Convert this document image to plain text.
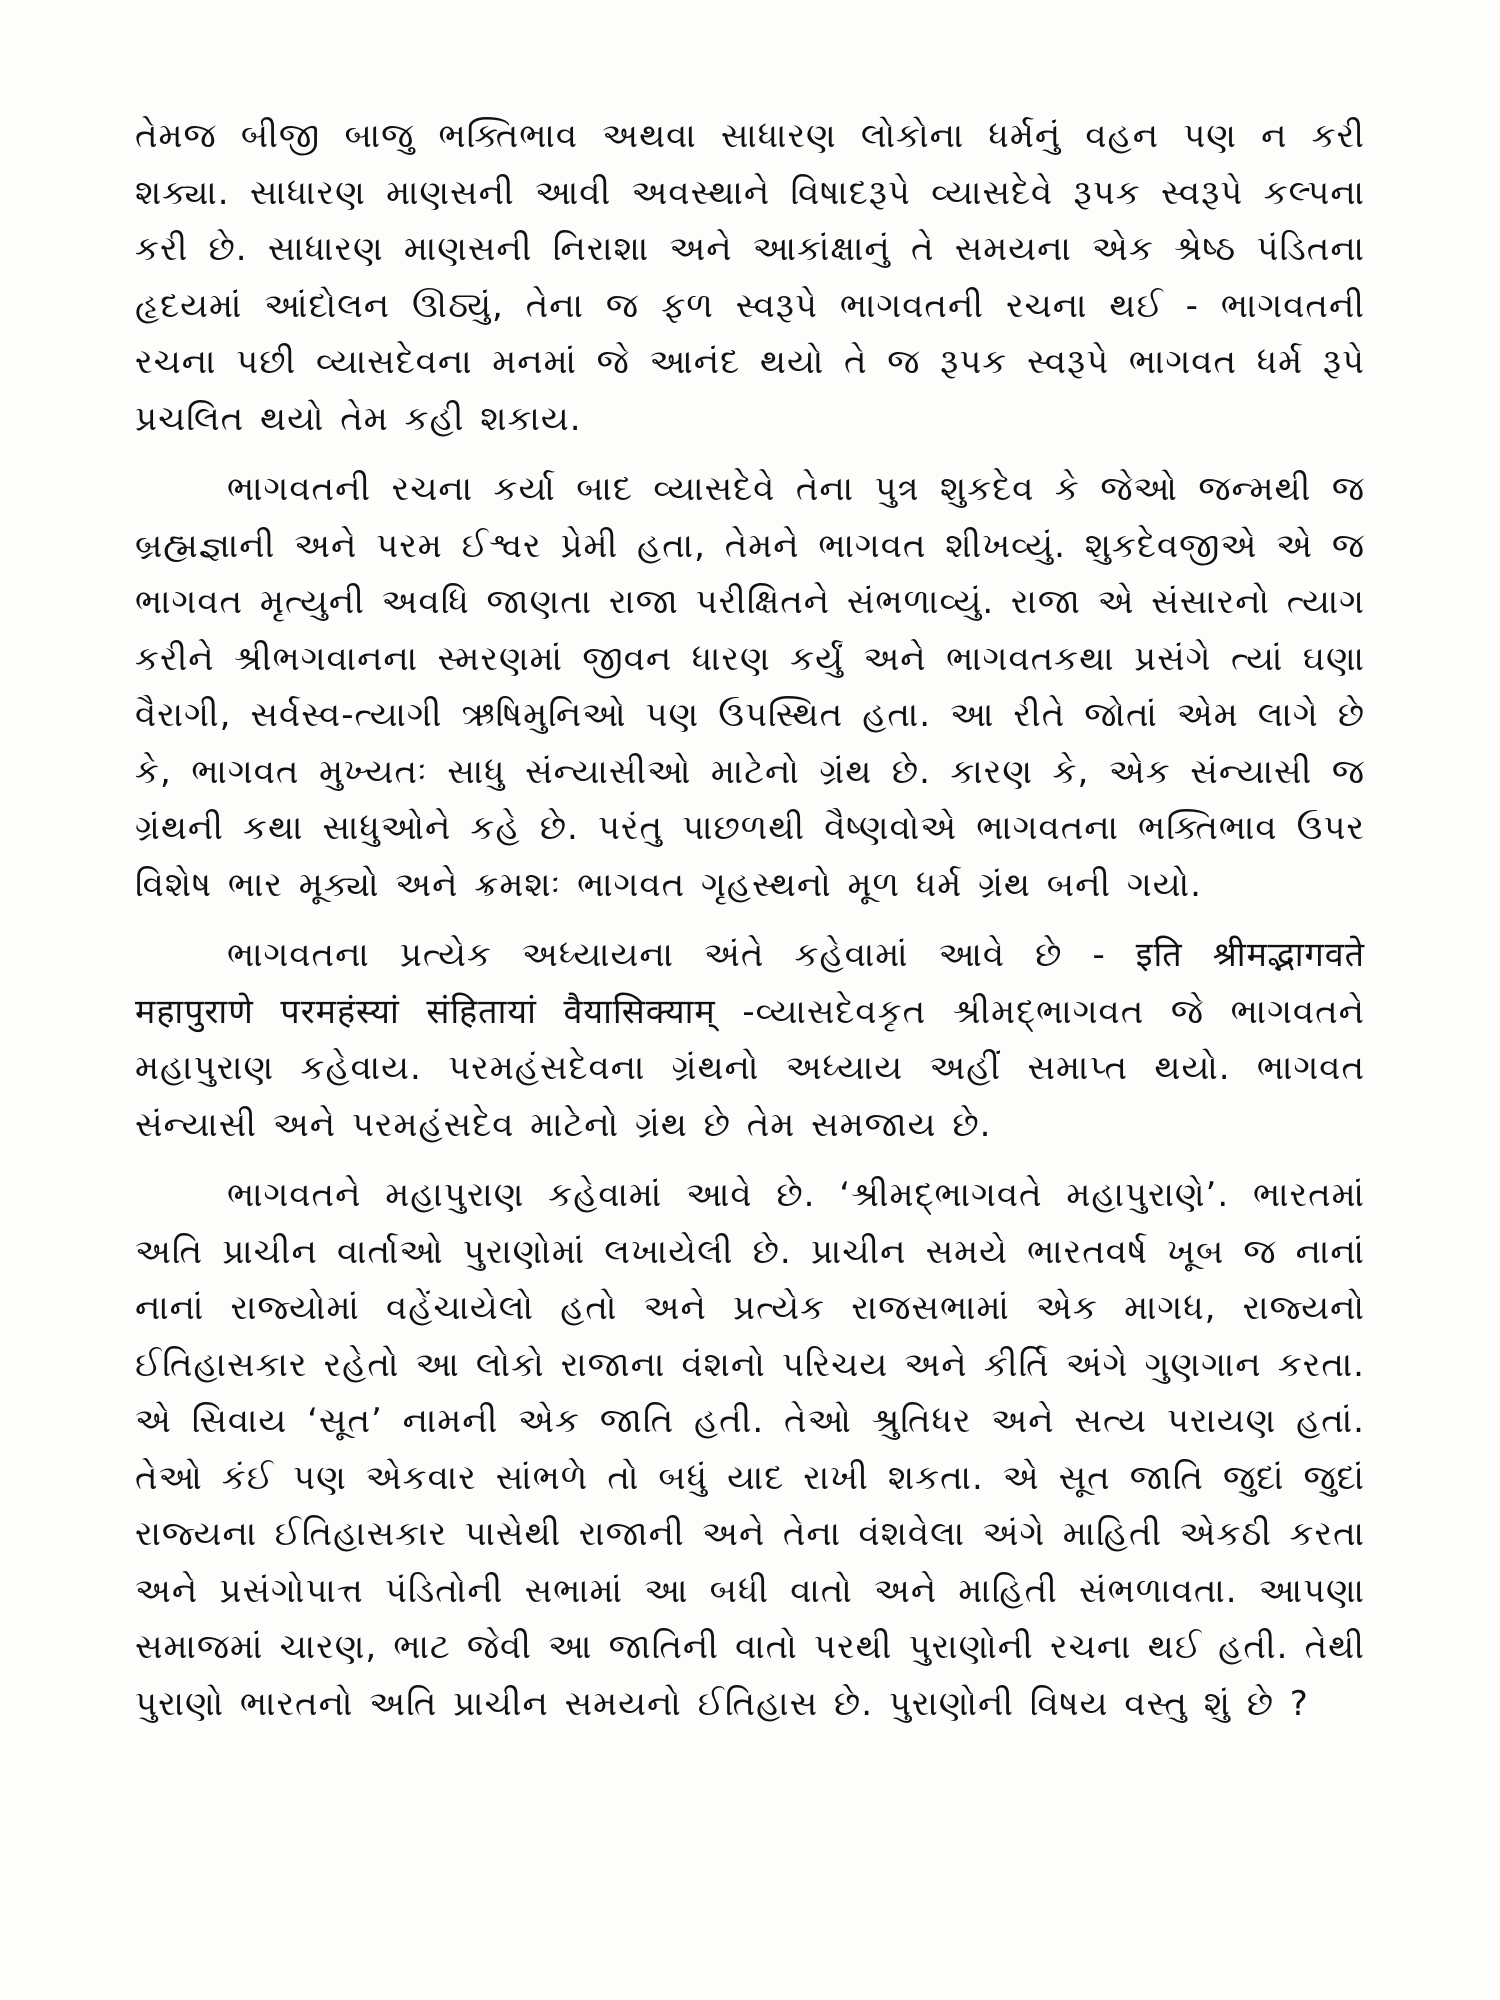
તેમજ બીજી બાજુ ભક્તિભાવ અથવા સાધારણ લોકોના ધર્મનું વહન પણ ન કરી શક્યા. સાધારણ માણસની આવી અવસ્થાને વિષાદરૂપે વ્યાસદેવે રૂપક સ્વરૂપે કલ્પના કરી છે. સાધારણ માણસની નિરાશા અને આકાંક્ષાનું તે સમયના એક શ્રેષ્ઠ પંડિતના હૃદયમાં આંદોલન ઊઠ્યું, તેના જ ફળ સ્વરૂપે ભાગવતની રચના થઈ - ભાગવતની રચના પછી વ્યાસદેવના મનમાં જે આનંદ થયો તે જ રૂપક સ્વરૂપે ભાગવત ધર્મ રૂપે પ્રચલિત થયો તેમ કહી શકાય.

ભાગવતની રચના કર્યા બાદ વ્યાસદેવે તેના પુત્ર શુકદેવ કે જેઓ જન્મથી જ બ્રહ્મજ્ઞાની અને પરમ ઈશ્વર પ્રેમી હતા, તેમને ભાગવત શીખવ્યું. શુકદેવજીએ એ જ ભાગવત મૃત્યુની અવધિ જાણતા રાજા પરીક્ષિતને સંભળાવ્યું. રાજા એ સંસારનો ત્યાગ કરીને શ્રીભગવાનના સ્મરણમાં જીવન ધારણ કર્યું અને ભાગવતકથા પ્રસંગે ત્યાં ઘણા વૈરાગી, સર્વસ્વ-ત્યાગી ઋષિમુનિઓ પણ ઉપસ્થિત હતા. આ રીતે જોતાં એમ લાગે છે કે, ભાગવત મુખ્યતઃ સાધુ સંન્યાસીઓ માટેનો ગ્રંથ છે. કારણ કે, એક સંન્યાસી જ ગ્રંથની કથા સાધુઓને કહે છે. પરંતુ પાછળથી વૈષ્ણવોએ ભાગવતના ભક્તિભાવ ઉપર વિશેષ ભાર મૂક્યો અને ક્રમશઃ ભાગવત ગૃહસ્થનો મૂળ ધર્મ ગ્રંથ બની ગયો.

ભાગવતના પ્રત્યેક અધ્યાયના અંતે કહેવામાં આવે છે - इति श्रीमद्भागवते महापुराणे परमहंस्यां संहितायां वैयासिक्याम् -વ્યાસદેવકૃત શ્રીમદ્ભાગવત જે ભાગવતને મહાપુરાણ કહેવાય. પરમહંસદેવના ગ્રંથનો અધ્યાય અહીં સમાપ્ત થયો. ભાગવત સંન્યાસી અને પરમહંસદેવ માટેનો ગ્રંથ છે તેમ સમજાય છે.

ભાગવતને મહાપુરાણ કહેવામાં આવે છે. ‘શ્રીમદ્ભાગવતે મહાપુરાણે’. ભારતમાં અતિ પ્રાચીન વાર્તાઓ પુરાણોમાં લખાયેલી છે. પ્રાચીન સમયે ભારતવર્ષ ખૂબ જ નાનાં નાનાં રાજ્યોમાં વહેંચાયેલો હતો અને પ્રત્યેક રાજસભામાં એક માગધ, રાજ્યનો ઈતિહાસકાર રહેતો આ લોકો રાજાના વંશનો પરિચય અને કીર્તિ અંગે ગુણગાન કરતા. એ સિવાય ‘સૂત’ નામની એક જાતિ હતી. તેઓ શ્રુતિધર અને સત્ય પરાયણ હતાં. તેઓ કંઈ પણ એકવાર સાંભળે તો બધું યાદ રાખી શકતા. એ સૂત જાતિ જુદાં જુદાં રાજ્યના ઈતિહાસકાર પાસેથી રાજાની અને તેના વંશવેલા અંગે માહિતી એકઠી કરતા અને પ્રસંગોપાત્ત પંડિતોની સભામાં આ બધી વાતો અને માહિતી સંભળાવતા. આપણા સમાજમાં ચારણ, ભાટ જેવી આ જાતિની વાતો પરથી પુરાણોની રચના થઈ હતી. તેથી પુરાણો ભારતનો અતિ પ્રાચીન સમયનો ઈતિહાસ છે. પુરાણોની વિષય વસ્તુ શું છે ?
